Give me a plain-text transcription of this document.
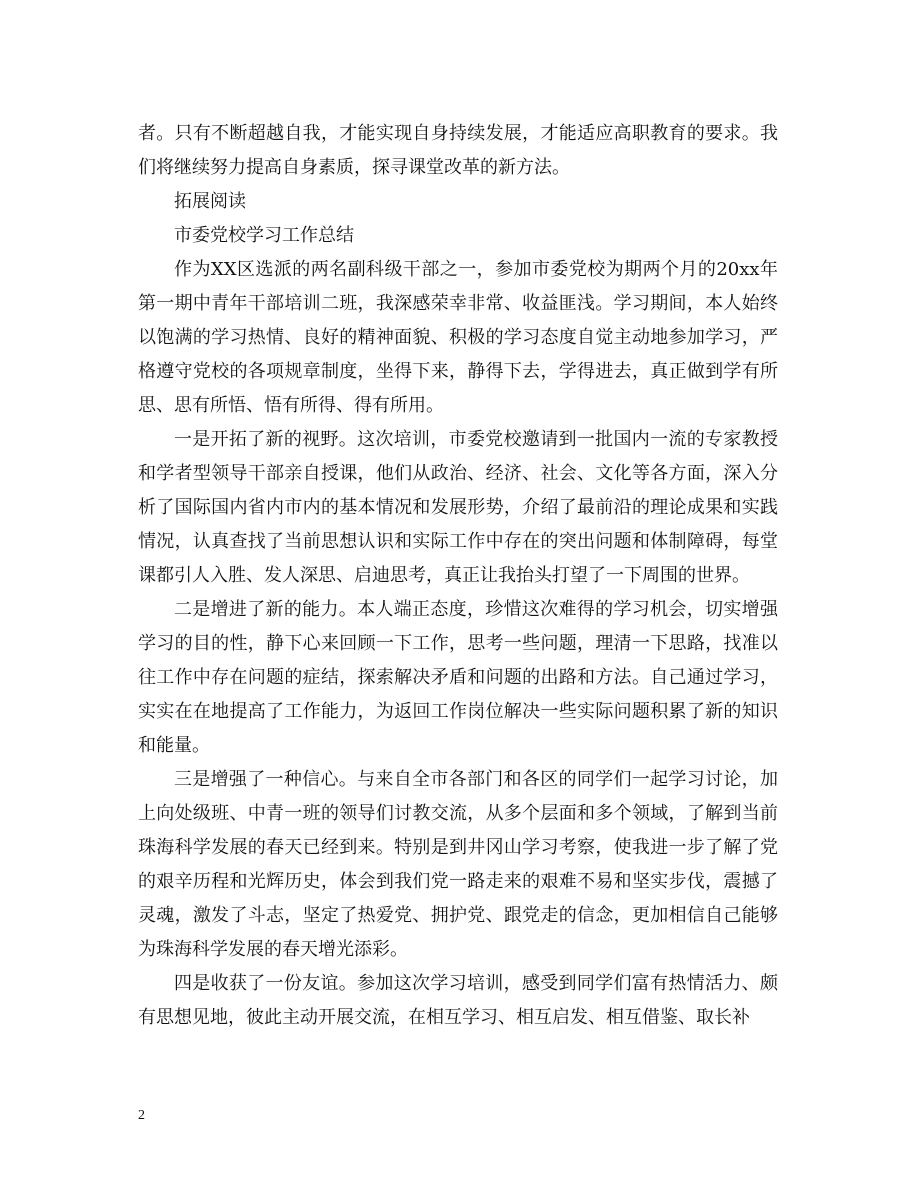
者。只有不断超越自我，才能实现自身持续发展，才能适应高职教育的要求。我们将继续努力提高自身素质，探寻课堂改革的新方法。

拓展阅读

市委党校学习工作总结

作为XX区选派的两名副科级干部之一，参加市委党校为期两个月的20xx年第一期中青年干部培训二班，我深感荣幸非常、收益匪浅。学习期间，本人始终以饱满的学习热情、良好的精神面貌、积极的学习态度自觉主动地参加学习，严格遵守党校的各项规章制度，坐得下来，静得下去，学得进去，真正做到学有所思、思有所悟、悟有所得、得有所用。

一是开拓了新的视野。这次培训，市委党校邀请到一批国内一流的专家教授和学者型领导干部亲自授课，他们从政治、经济、社会、文化等各方面，深入分析了国际国内省内市内的基本情况和发展形势，介绍了最前沿的理论成果和实践情况，认真查找了当前思想认识和实际工作中存在的突出问题和体制障碍，每堂课都引人入胜、发人深思、启迪思考，真正让我抬头打望了一下周围的世界。

二是增进了新的能力。本人端正态度，珍惜这次难得的学习机会，切实增强学习的目的性，静下心来回顾一下工作，思考一些问题，理清一下思路，找准以往工作中存在问题的症结，探索解决矛盾和问题的出路和方法。自己通过学习，实实在在地提高了工作能力，为返回工作岗位解决一些实际问题积累了新的知识和能量。

三是增强了一种信心。与来自全市各部门和各区的同学们一起学习讨论，加上向处级班、中青一班的领导们讨教交流，从多个层面和多个领域，了解到当前珠海科学发展的春天已经到来。特别是到井冈山学习考察，使我进一步了解了党的艰辛历程和光辉历史，体会到我们党一路走来的艰难不易和坚实步伐，震撼了灵魂，激发了斗志，坚定了热爱党、拥护党、跟党走的信念，更加相信自己能够为珠海科学发展的春天增光添彩。

四是收获了一份友谊。参加这次学习培训，感受到同学们富有热情活力、颇有思想见地，彼此主动开展交流，在相互学习、相互启发、相互借鉴、取长补

2
